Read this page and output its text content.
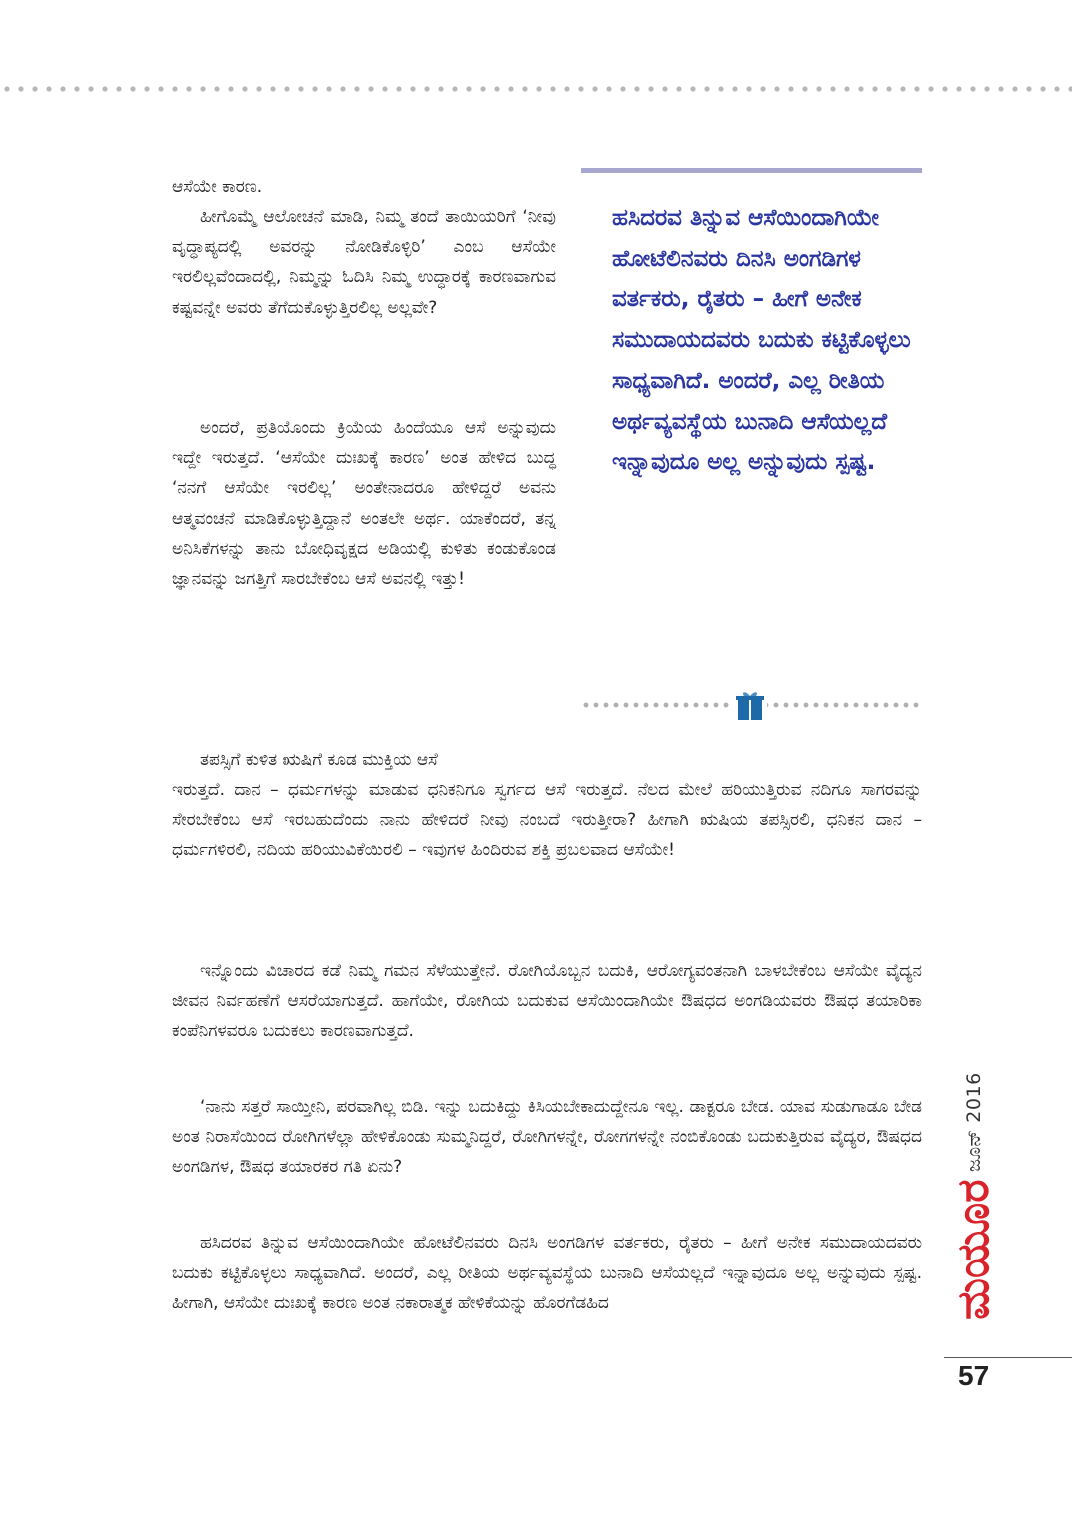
ಆಸೆಯೇ ಕಾರಣ.

ಹೀಗೊಮ್ಮೆ ಆಲೋಚನೆ ಮಾಡಿ, ನಿಮ್ಮ ತಂದೆ ತಾಯಿಯರಿಗೆ ‘ನೀವು ವೃದ್ಧಾಪ್ಯದಲ್ಲಿ ಅವರನ್ನು ನೋಡಿಕೊಳ್ಳಿರಿ’ ಎಂಬ ಆಸೆಯೇ ಇರಲಿಲ್ಲವೆಂದಾದಲ್ಲಿ, ನಿಮ್ಮನ್ನು ಓದಿಸಿ ನಿಮ್ಮ ಉದ್ಧಾರಕ್ಕೆ ಕಾರಣವಾಗುವ ಕಷ್ಟವನ್ನೇ ಅವರು ತೆಗೆದುಕೊಳ್ಳುತ್ತಿರಲಿಲ್ಲ ಅಲ್ಲವೇ?

ಅಂದರೆ, ಪ್ರತಿಯೊಂದು ಕ್ರಿಯೆಯ ಹಿಂದೆಯೂ ಆಸೆ ಅನ್ನುವುದು ಇದ್ದೇ ಇರುತ್ತದೆ. ‘ಆಸೆಯೇ ದುಃಖಕ್ಕೆ ಕಾರಣ’ ಅಂತ ಹೇಳಿದ ಬುದ್ಧ ‘ನನಗೆ ಆಸೆಯೇ ಇರಲಿಲ್ಲ’ ಅಂತೇನಾದರೂ ಹೇಳಿದ್ದರೆ ಅವನು ಆತ್ಮವಂಚನೆ ಮಾಡಿಕೊಳ್ಳುತ್ತಿದ್ದಾನೆ ಅಂತಲೇ ಅರ್ಥ. ಯಾಕೆಂದರೆ, ತನ್ನ ಅನಿಸಿಕೆಗಳನ್ನು ತಾನು ಬೋಧಿವೃಕ್ಷದ ಅಡಿಯಲ್ಲಿ ಕುಳಿತು ಕಂಡುಕೊಂಡ ಜ್ಞಾನವನ್ನು ಜಗತ್ತಿಗೆ ಸಾರಬೇಕೆಂಬ ಆಸೆ ಅವನಲ್ಲಿ ಇತ್ತು!

ತಪಸ್ಸಿಗೆ ಕುಳಿತ ಋಷಿಗೆ ಕೂಡ ಮುಕ್ತಿಯ ಆಸೆ

ಹಸಿದರವ ತಿನ್ನುವ ಆಸೆಯಿಂದಾಗಿಯೇ ಹೋಟೆಲಿನವರು ದಿನಸಿ ಅಂಗಡಿಗಳ ವರ್ತಕರು, ರೈತರು – ಹೀಗೆ ಅನೇಕ ಸಮುದಾಯದವರು ಬದುಕು ಕಟ್ಟಿಕೊಳ್ಳಲು ಸಾಧ್ಯವಾಗಿದೆ. ಅಂದರೆ, ಎಲ್ಲ ರೀತಿಯ ಅರ್ಥವ್ಯವಸ್ಥೆಯ ಬುನಾದಿ ಆಸೆಯಲ್ಲದೆ ಇನ್ನಾವುದೂ ಅಲ್ಲ ಅನ್ನುವುದು ಸ್ಪಷ್ಟ.

ಇರುತ್ತದೆ. ದಾನ – ಧರ್ಮಗಳನ್ನು ಮಾಡುವ ಧನಿಕನಿಗೂ ಸ್ವರ್ಗದ ಆಸೆ ಇರುತ್ತದೆ. ನೆಲದ ಮೇಲೆ ಹರಿಯುತ್ತಿರುವ ನದಿಗೂ ಸಾಗರವನ್ನು ಸೇರಬೇಕೆಂಬ ಆಸೆ ಇರಬಹುದೆಂದು ನಾನು ಹೇಳಿದರೆ ನೀವು ನಂಬದೆ ಇರುತ್ತೀರಾ? ಹೀಗಾಗಿ ಋಷಿಯ ತಪಸ್ಸಿರಲಿ, ಧನಿಕನ ದಾನ – ಧರ್ಮಗಳಿರಲಿ, ನದಿಯ ಹರಿಯುವಿಕೆಯಿರಲಿ – ಇವುಗಳ ಹಿಂದಿರುವ ಶಕ್ತಿ ಪ್ರಬಲವಾದ ಆಸೆಯೇ!

ಇನ್ನೊಂದು ವಿಚಾರದ ಕಡೆ ನಿಮ್ಮ ಗಮನ ಸೆಳೆಯುತ್ತೇನೆ. ರೋಗಿಯೊಬ್ಬನ ಬದುಕಿ, ಆರೋಗ್ಯವಂತನಾಗಿ ಬಾಳಬೇಕೆಂಬ ಆಸೆಯೇ ವೈದ್ಯನ ಜೀವನ ನಿರ್ವಹಣೆಗೆ ಆಸರೆಯಾಗುತ್ತದೆ. ಹಾಗೆಯೇ, ರೋಗಿಯ ಬದುಕುವ ಆಸೆಯಿಂದಾಗಿಯೇ ಔಷಧದ ಅಂಗಡಿಯವರು ಔಷಧ ತಯಾರಿಕಾ ಕಂಪೆನಿಗಳವರೂ ಬದುಕಲು ಕಾರಣವಾಗುತ್ತದೆ.

‘ನಾನು ಸತ್ತರೆ ಸಾಯ್ತೀನಿ, ಪರವಾಗಿಲ್ಲ ಬಿಡಿ. ಇನ್ನು ಬದುಕಿದ್ದು ಕಿಸಿಯಬೇಕಾದುದ್ದೇನೂ ಇಲ್ಲ. ಡಾಕ್ಟರೂ ಬೇಡ. ಯಾವ ಸುಡುಗಾಡೂ ಬೇಡ ಅಂತ ನಿರಾಸೆಯಿಂದ ರೋಗಿಗಳೆಲ್ಲಾ ಹೇಳಿಕೊಂಡು ಸುಮ್ಮನಿದ್ದರೆ, ರೋಗಿಗಳನ್ನೇ, ರೋಗಗಳನ್ನೇ ನಂಬಿಕೊಂಡು ಬದುಕುತ್ತಿರುವ ವೈದ್ಯರ, ಔಷಧದ ಅಂಗಡಿಗಳ, ಔಷಧ ತಯಾರಕರ ಗತಿ ಏನು?

ಹಸಿದರವ ತಿನ್ನುವ ಆಸೆಯಿಂದಾಗಿಯೇ ಹೋಟೆಲಿನವರು ದಿನಸಿ ಅಂಗಡಿಗಳ ವರ್ತಕರು, ರೈತರು – ಹೀಗೆ ಅನೇಕ ಸಮುದಾಯದವರು ಬದುಕು ಕಟ್ಟಿಕೊಳ್ಳಲು ಸಾಧ್ಯವಾಗಿದೆ. ಅಂದರೆ, ಎಲ್ಲ ರೀತಿಯ ಅರ್ಥವ್ಯವಸ್ಥೆಯ ಬುನಾದಿ ಆಸೆಯಲ್ಲದೆ ಇನ್ನಾವುದೂ ಅಲ್ಲ ಅನ್ನುವುದು ಸ್ಪಷ್ಟ. ಹೀಗಾಗಿ, ಆಸೆಯೇ ದುಃಖಕ್ಕೆ ಕಾರಣ ಅಂತ ನಕಾರಾತ್ಮಕ ಹೇಳಿಕೆಯನ್ನು ಹೊರಗೆಡಹಿದ	ಮಯೂರ
ಜೂನ್ 2016
57
